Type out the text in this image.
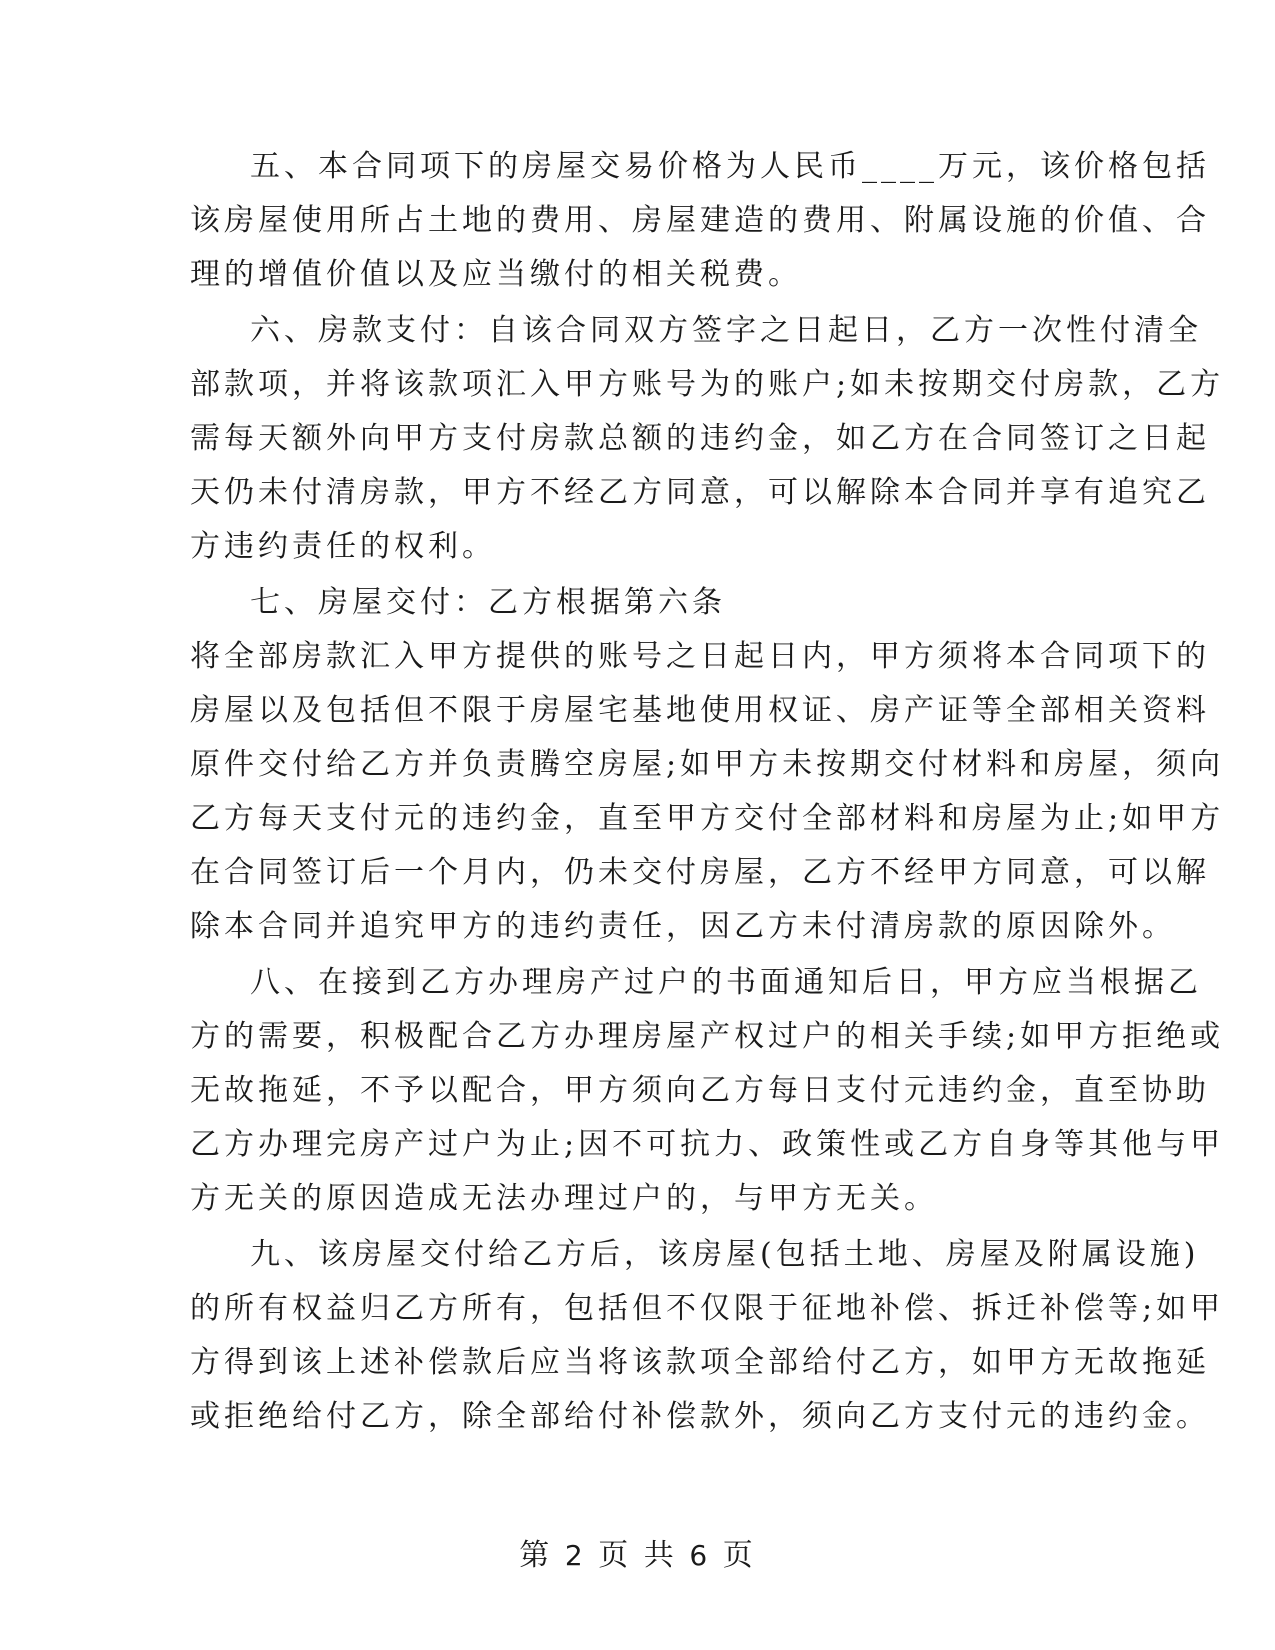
五、本合同项下的房屋交易价格为人民币____万元，该价格包括
该房屋使用所占土地的费用、房屋建造的费用、附属设施的价值、合
理的增值价值以及应当缴付的相关税费。
六、房款支付：自该合同双方签字之日起日，乙方一次性付清全
部款项，并将该款项汇入甲方账号为的账户;如未按期交付房款，乙方
需每天额外向甲方支付房款总额的违约金，如乙方在合同签订之日起
天仍未付清房款，甲方不经乙方同意，可以解除本合同并享有追究乙
方违约责任的权利。
七、房屋交付：乙方根据第六条
将全部房款汇入甲方提供的账号之日起日内，甲方须将本合同项下的
房屋以及包括但不限于房屋宅基地使用权证、房产证等全部相关资料
原件交付给乙方并负责腾空房屋;如甲方未按期交付材料和房屋，须向
乙方每天支付元的违约金，直至甲方交付全部材料和房屋为止;如甲方
在合同签订后一个月内，仍未交付房屋，乙方不经甲方同意，可以解
除本合同并追究甲方的违约责任，因乙方未付清房款的原因除外。
八、在接到乙方办理房产过户的书面通知后日，甲方应当根据乙
方的需要，积极配合乙方办理房屋产权过户的相关手续;如甲方拒绝或
无故拖延，不予以配合，甲方须向乙方每日支付元违约金，直至协助
乙方办理完房产过户为止;因不可抗力、政策性或乙方自身等其他与甲
方无关的原因造成无法办理过户的，与甲方无关。
九、该房屋交付给乙方后，该房屋(包括土地、房屋及附属设施)
的所有权益归乙方所有，包括但不仅限于征地补偿、拆迁补偿等;如甲
方得到该上述补偿款后应当将该款项全部给付乙方，如甲方无故拖延
或拒绝给付乙方，除全部给付补偿款外，须向乙方支付元的违约金。
第 2 页 共 6 页
